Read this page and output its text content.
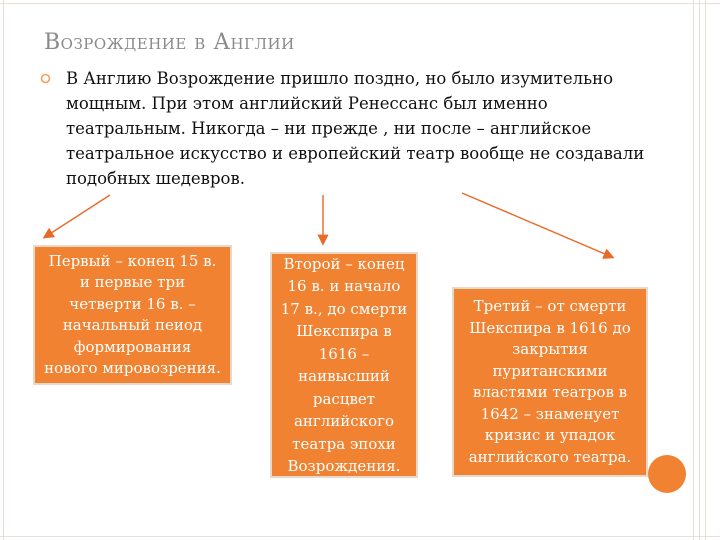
Возрождение в Англии
В Англию Возрождение пришло поздно, но было изумительно мощным. При этом английский Ренессанс был именно театральным. Никогда – ни прежде , ни после – английское театральное искусство и европейский театр вообще не создавали подобных шедевров.
Первый – конец 15 в.
и первые три
четверти 16 в. –
начальный пеиод
формирования
нового мировозрения.
Второй – конец
16 в. и начало
17 в., до смерти
Шекспира в
1616 –
наивысший
расцвет
английского
театра эпохи
Возрождения.
Третий – от смерти
Шекспира в 1616 до
закрытия
пуританскими
властями театров в
1642 – знаменует
кризис и упадок
английского театра.
